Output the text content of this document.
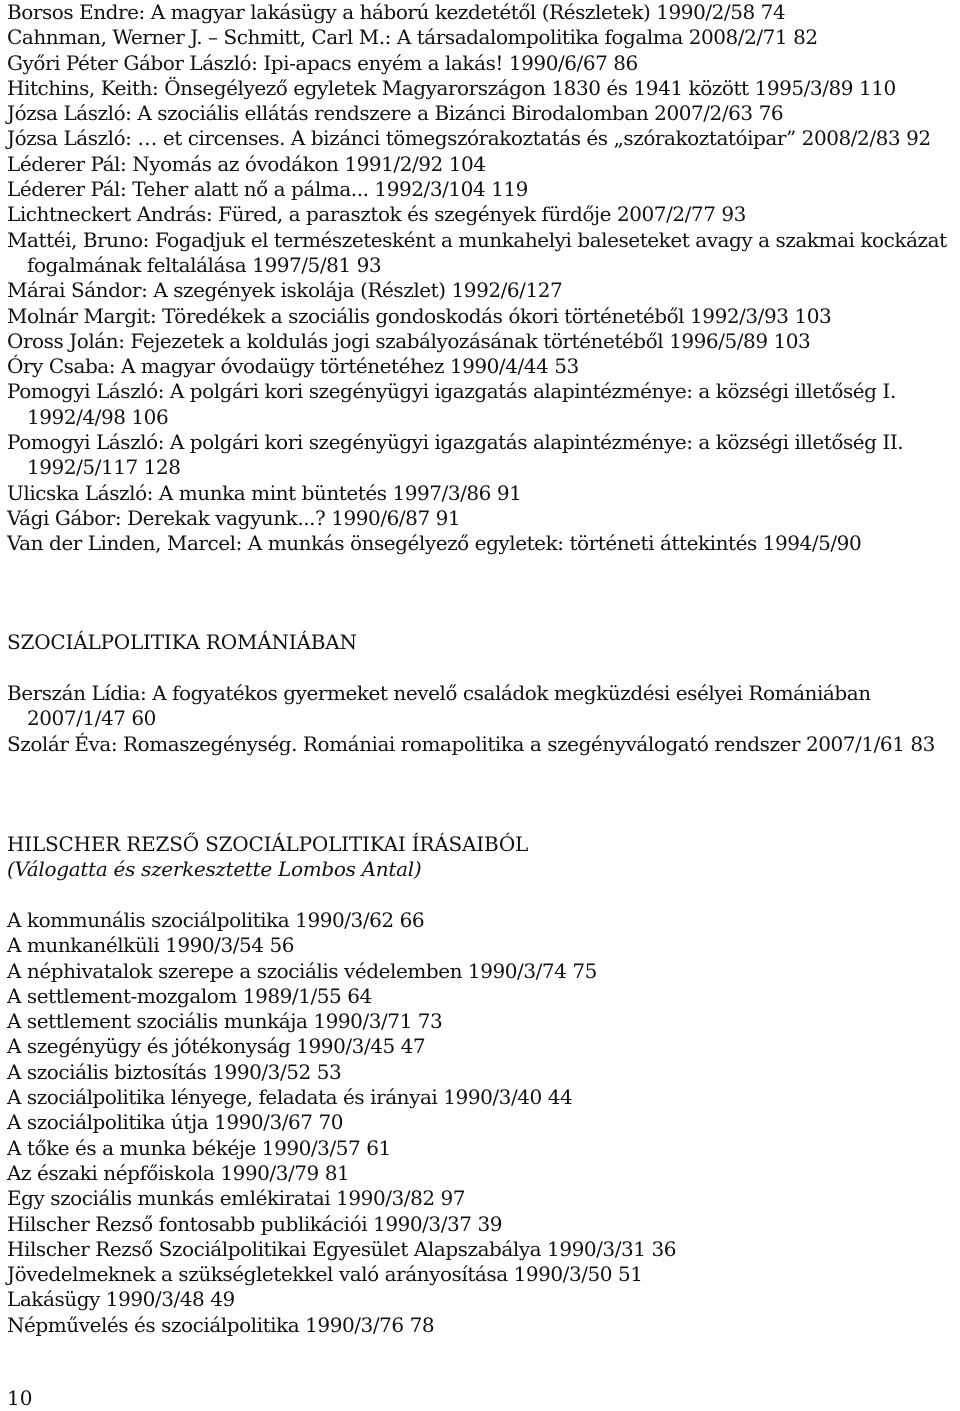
Borsos Endre: A magyar lakásügy a háború kezdetétől (Részletek) 1990/2/58 74

Cahnman, Werner J. – Schmitt, Carl M.: A társadalompolitika fogalma 2008/2/71 82

Győri Péter Gábor László: Ipi-apacs enyém a lakás! 1990/6/67 86

Hitchins, Keith: Önsegélyező egyletek Magyarországon 1830 és 1941 között 1995/3/89 110

Józsa László: A szociális ellátás rendszere a Bizánci Birodalomban 2007/2/63 76

Józsa László: … et circenses. A bizánci tömegszórakoztatás és „szórakoztatóipar” 2008/2/83 92

Léderer Pál: Nyomás az óvodákon 1991/2/92 104

Léderer Pál: Teher alatt nő a pálma... 1992/3/104 119

Lichtneckert András: Füred, a parasztok és szegények fürdője 2007/2/77 93

Mattéi, Bruno: Fogadjuk el természetesként a munkahelyi baleseteket avagy a szakmai kockázat fogalmának feltalálása 1997/5/81 93

Márai Sándor: A szegények iskolája (Részlet) 1992/6/127

Molnár Margit: Töredékek a szociális gondoskodás ókori történetéből 1992/3/93 103

Oross Jolán: Fejezetek a koldulás jogi szabályozásának történetéből 1996/5/89 103

Óry Csaba: A magyar óvodaügy történetéhez 1990/4/44 53

Pomogyi László: A polgári kori szegényügyi igazgatás alapintézménye: a községi illetőség I. 1992/4/98 106

Pomogyi László: A polgári kori szegényügyi igazgatás alapintézménye: a községi illetőség II. 1992/5/117 128

Ulicska László: A munka mint büntetés 1997/3/86 91

Vági Gábor: Derekak vagyunk...? 1990/6/87 91

Van der Linden, Marcel: A munkás önsegélyező egyletek: történeti áttekintés 1994/5/90

SZOCIÁLPOLITIKA ROMÁNIÁBAN

Berszán Lídia: A fogyatékos gyermeket nevelő családok megküzdési esélyei Romániában 2007/1/47 60

Szolár Éva: Romaszegénység. Romániai romapolitika a szegényválogató rendszer 2007/1/61 83

HILSCHER REZSŐ SZOCIÁLPOLITIKAI ÍRÁSAIBÓL
(Válogatta és szerkesztette Lombos Antal)

A kommunális szociálpolitika 1990/3/62 66

A munkanélküli 1990/3/54 56

A néphivatalok szerepe a szociális védelemben 1990/3/74 75

A settlement-mozgalom 1989/1/55 64

A settlement szociális munkája 1990/3/71 73

A szegényügy és jótékonyság 1990/3/45 47

A szociális biztosítás 1990/3/52 53

A szociálpolitika lényege, feladata és irányai 1990/3/40 44

A szociálpolitika útja 1990/3/67 70

A tőke és a munka békéje 1990/3/57 61

Az északi népfőiskola 1990/3/79 81

Egy szociális munkás emlékiratai 1990/3/82 97

Hilscher Rezső fontosabb publikációi 1990/3/37 39

Hilscher Rezső Szociálpolitikai Egyesület Alapszabálya 1990/3/31 36

Jövedelmeknek a szükségletekkel való arányosítása 1990/3/50 51

Lakásügy 1990/3/48 49

Népművelés és szociálpolitika 1990/3/76 78

10
